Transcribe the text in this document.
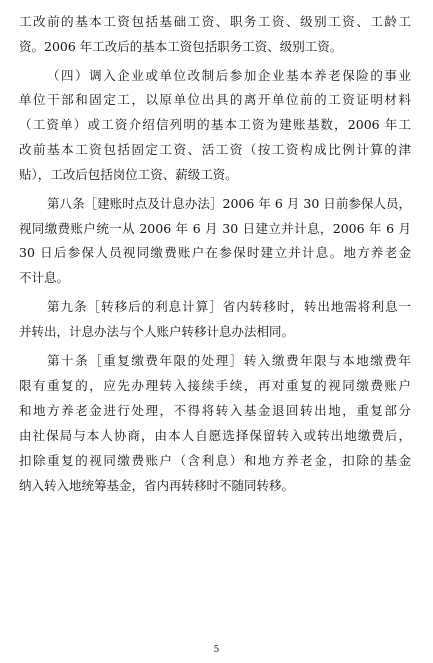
工改前的基本工资包括基础工资、职务工资、级别工资、工龄工
资。2006 年工改后的基本工资包括职务工资、级别工资。
（四）调入企业或单位改制后参加企业基本养老保险的事业
单位干部和固定工，以原单位出具的离开单位前的工资证明材料
（工资单）或工资介绍信列明的基本工资为建账基数，2006 年工
改前基本工资包括固定工资、活工资（按工资构成比例计算的津
贴），工改后包括岗位工资、薪级工资。
第八条［建账时点及计息办法］2006 年 6 月 30 日前参保人员，
视同缴费账户统一从 2006 年 6 月 30 日建立并计息，2006 年 6 月
30 日后参保人员视同缴费账户在参保时建立并计息。地方养老金
不计息。
第九条［转移后的利息计算］省内转移时，转出地需将利息一
并转出，计息办法与个人账户转移计息办法相同。
第十条［重复缴费年限的处理］转入缴费年限与本地缴费年
限有重复的，应先办理转入接续手续，再对重复的视同缴费账户
和地方养老金进行处理，不得将转入基金退回转出地，重复部分
由社保局与本人协商，由本人自愿选择保留转入或转出地缴费后，
扣除重复的视同缴费账户（含利息）和地方养老金，扣除的基金
纳入转入地统筹基金，省内再转移时不随同转移。
5
